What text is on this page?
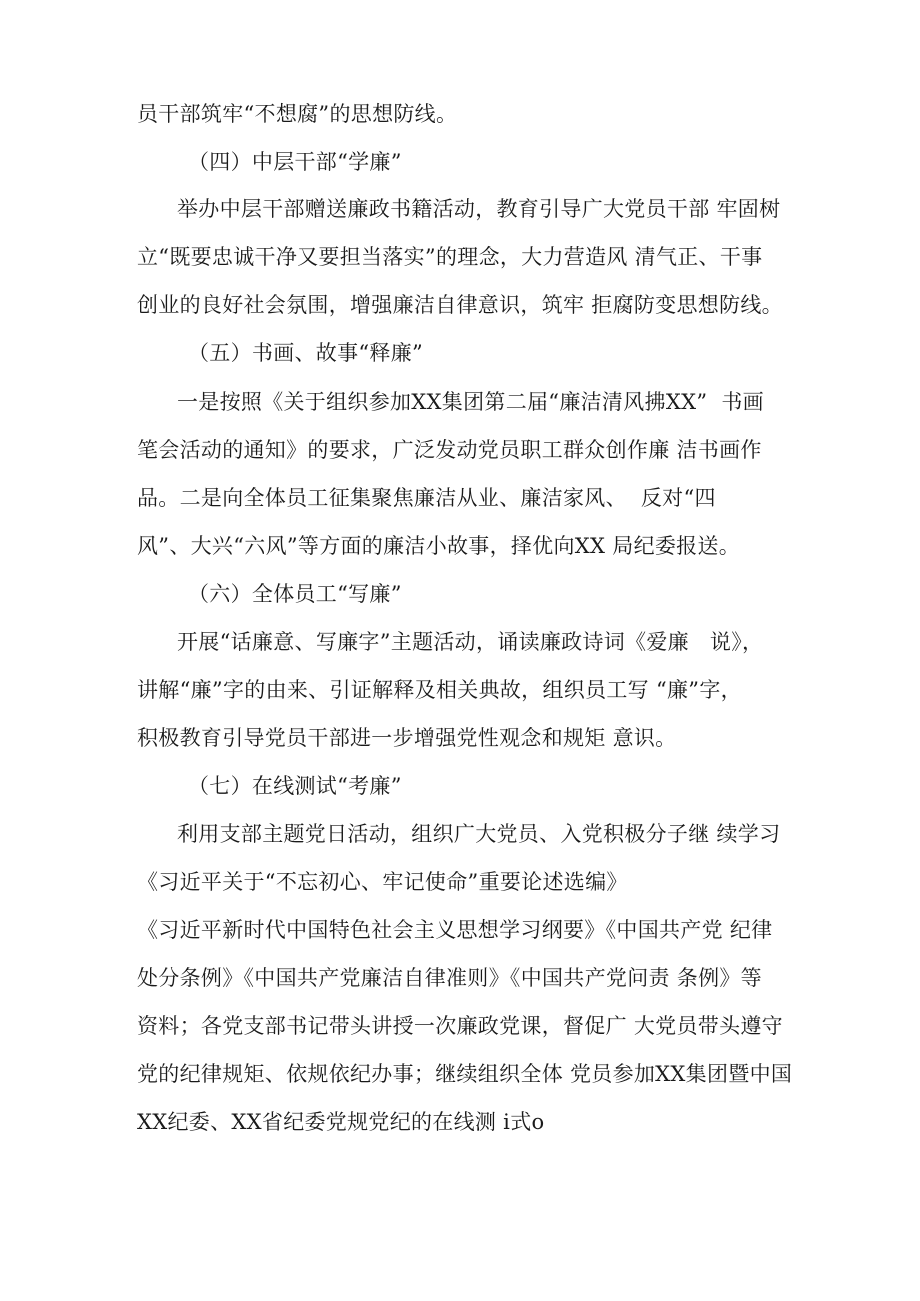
员干部筑牢“不想腐”的思想防线。
（四）中层干部“学廉”
举办中层干部赠送廉政书籍活动，教育引导广大党员干部 牢固树
立“既要忠诚干净又要担当落实”的理念，大力营造风 清气正、干事
创业的良好社会氛围，增强廉洁自律意识，筑牢 拒腐防变思想防线。
（五）书画、故事“释廉”
一是按照《关于组织参加XX集团第二届“廉洁清风拂XX”  书画
笔会活动的通知》的要求，广泛发动党员职工群众创作廉 洁书画作
品。二是向全体员工征集聚焦廉洁从业、廉洁家风、  反对“四
风”、大兴“六风”等方面的廉洁小故事，择优向XX 局纪委报送。
（六）全体员工“写廉”
开展“话廉意、写廉字”主题活动，诵读廉政诗词《爱廉   说》，
讲解“廉”字的由来、引证解释及相关典故，组织员工写 “廉”字，
积极教育引导党员干部进一步增强党性观念和规矩 意识。
（七）在线测试“考廉”
利用支部主题党日活动，组织广大党员、入党积极分子继 续学习
《习近平关于“不忘初心、牢记使命”重要论述选编》
《习近平新时代中国特色社会主义思想学习纲要》《中国共产党 纪律
处分条例》《中国共产党廉洁自律准则》《中国共产党问责 条例》等
资料；各党支部书记带头讲授一次廉政党课，督促广 大党员带头遵守
党的纪律规矩、依规依纪办事；继续组织全体 党员参加XX集团暨中国
XX纪委、XX省纪委党规党纪的在线测 i式o
